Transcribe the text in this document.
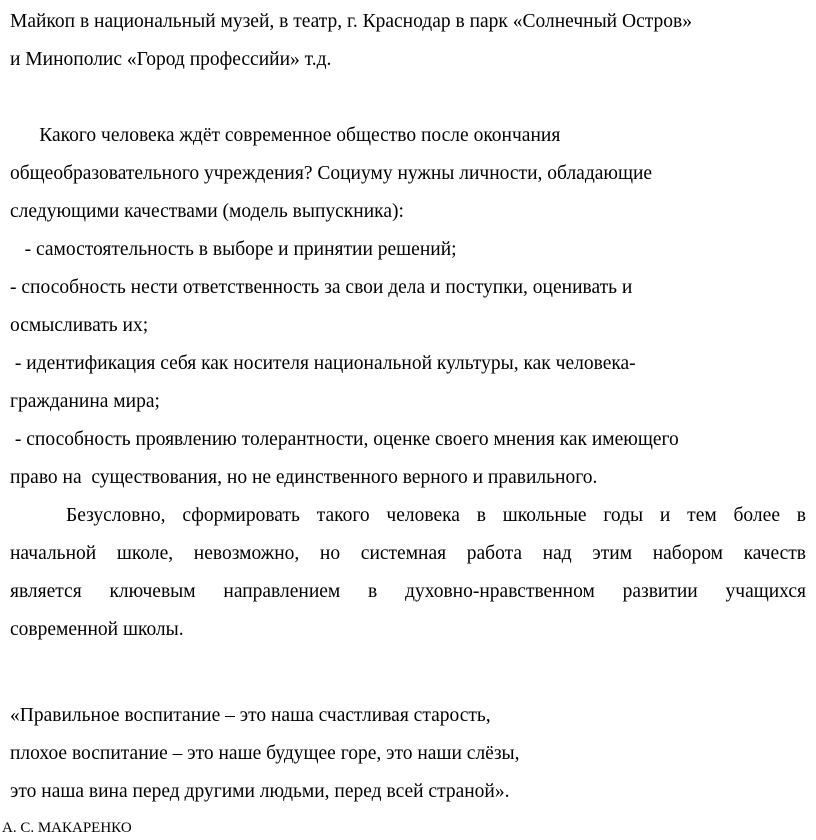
Майкоп в национальный музей, в театр, г. Краснодар в парк «Солнечный Остров»
и Минополис «Город профессийи» т.д.
Какого человека ждёт современное общество после окончания
общеобразовательного учреждения? Социуму нужны личности, обладающие
следующими качествами (модель выпускника):
- самостоятельность в выборе и принятии решений;
- способность нести ответственность за свои дела и поступки, оценивать и
осмысливать их;
- идентификация себя как носителя национальной культуры, как человека-
гражданина мира;
- способность проявлению толерантности, оценке своего мнения как имеющего
право на  существования, но не единственного верного и правильного.
Безусловно, сформировать такого человека в школьные годы и тем более в
начальной школе, невозможно, но системная работа над этим набором качеств
является ключевым направлением в духовно-нравственном развитии учащихся
современной школы.
«Правильное воспитание – это наша счастливая старость,
плохое воспитание – это наше будущее горе, это наши слёзы,
это наша вина перед другими людьми, перед всей страной».
А. С. МАКАРЕНКО
